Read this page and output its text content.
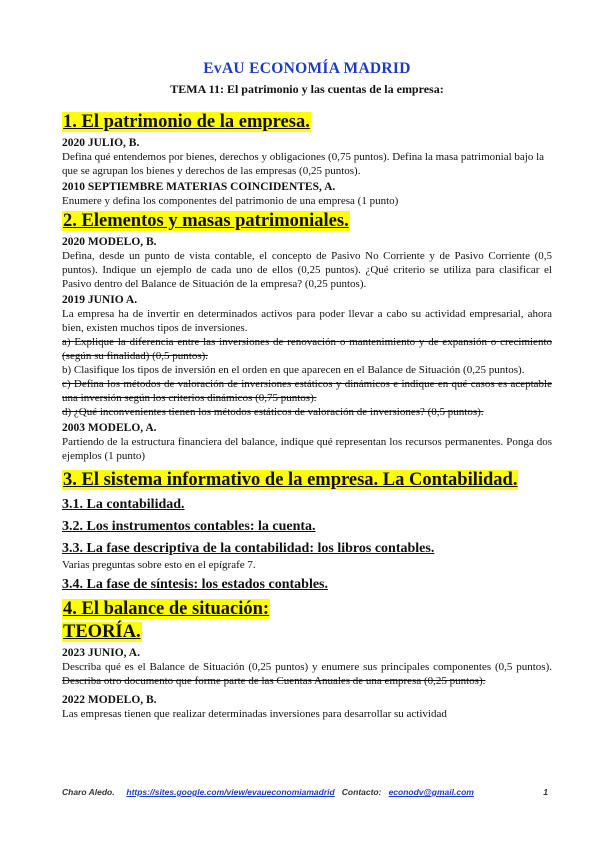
EvAU ECONOMÍA MADRID
TEMA 11: El patrimonio y las cuentas de la empresa:
1. El patrimonio de la empresa.
2020 JULIO, B.
Defina qué entendemos por bienes, derechos y obligaciones (0,75 puntos). Defina la masa patrimonial bajo la que se agrupan los bienes y derechos de las empresas (0,25 puntos).
2010 SEPTIEMBRE MATERIAS COINCIDENTES, A.
Enumere y defina los componentes del patrimonio de una empresa (1 punto)
2. Elementos y masas patrimoniales.
2020 MODELO, B.
Defina, desde un punto de vista contable, el concepto de Pasivo No Corriente y de Pasivo Corriente (0,5 puntos). Indique un ejemplo de cada uno de ellos (0,25 puntos). ¿Qué criterio se utiliza para clasificar el Pasivo dentro del Balance de Situación de la empresa? (0,25 puntos).
2019 JUNIO A.
La empresa ha de invertir en determinados activos para poder llevar a cabo su actividad empresarial, ahora bien, existen muchos tipos de inversiones.
a) Explique la diferencia entre las inversiones de renovación o mantenimiento y de expansión o crecimiento (según su finalidad) (0,5 puntos).
b) Clasifique los tipos de inversión en el orden en que aparecen en el Balance de Situación (0,25 puntos).
c) Defina los métodos de valoración de inversiones estáticos y dinámicos e indique en qué casos es aceptable una inversión según los criterios dinámicos (0,75 puntos).
d) ¿Qué inconvenientes tienen los métodos estáticos de valoración de inversiones? (0,5 puntos).
2003 MODELO, A.
Partiendo de la estructura financiera del balance, indique qué representan los recursos permanentes. Ponga dos ejemplos (1 punto)
3. El sistema informativo de la empresa. La Contabilidad.
3.1. La contabilidad.
3.2. Los instrumentos contables: la cuenta.
3.3. La fase descriptiva de la contabilidad: los libros contables.
Varias preguntas sobre esto en el epígrafe 7.
3.4. La fase de síntesis: los estados contables.
4. El balance de situación:
TEORÍA.
2023 JUNIO, A.
Describa qué es el Balance de Situación (0,25 puntos) y enumere sus principales componentes (0,5 puntos). Describa otro documento que forme parte de las Cuentas Anuales de una empresa (0,25 puntos).
2022 MODELO, B.
Las empresas tienen que realizar determinadas inversiones para desarrollar su actividad
Charo Aledo. https://sites.google.com/view/evaueconomiamadrid Contacto: econodv@gmail.com	1
